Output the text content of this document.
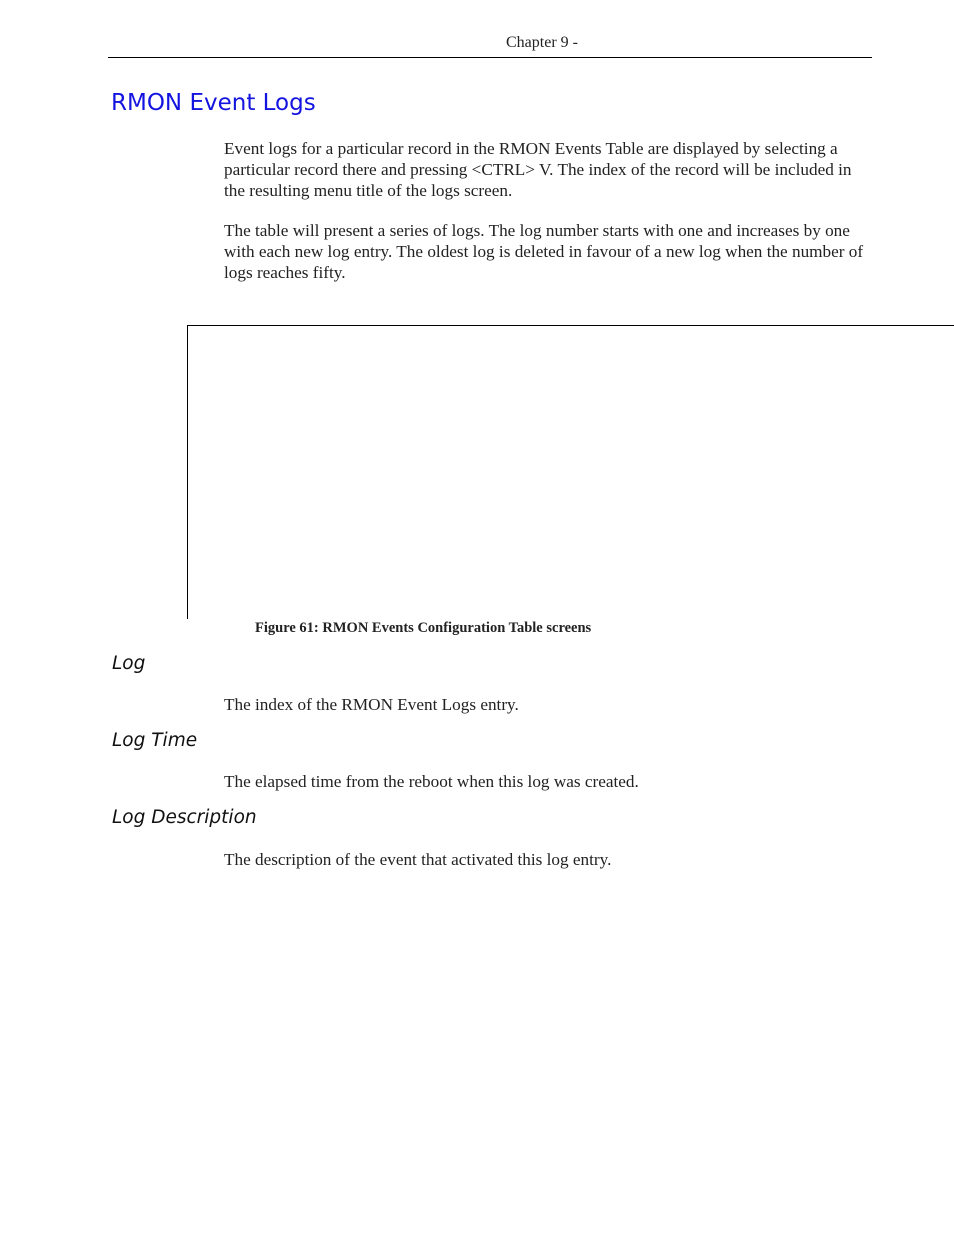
Chapter 9 -
RMON Event Logs

Event logs for a particular record in the RMON Events Table are displayed by selecting a particular record there and pressing <CTRL> V. The index of the record will be included in the resulting menu title of the logs screen.

The table will present a series of logs. The log number starts with one and increases by one with each new log entry. The oldest log is deleted in favour of a new log when the number of logs reaches fifty.

Figure 61: RMON Events Configuration Table screens
Log

The index of the RMON Event Logs entry.

Log Time

The elapsed time from the reboot when this log was created.

Log Description

The description of the event that activated this log entry.
